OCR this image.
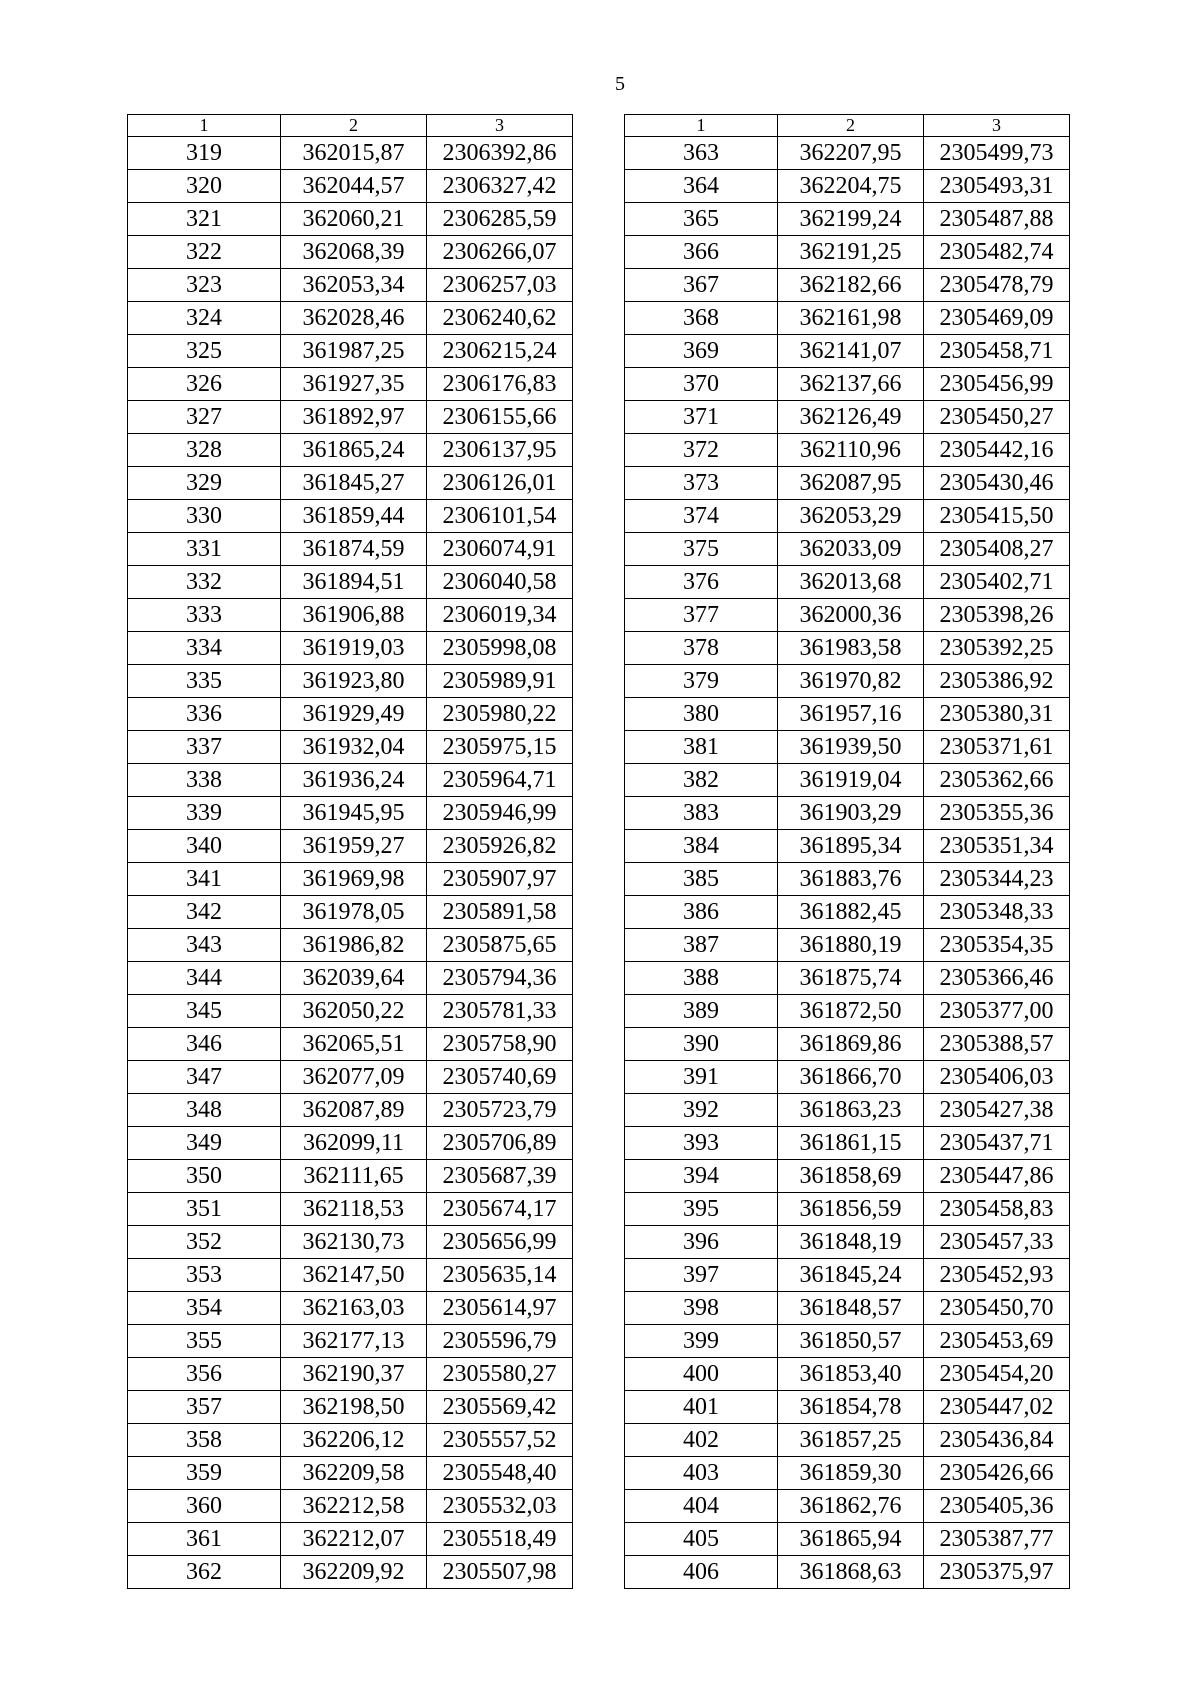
5
1	2	3
319	362015,87	2306392,86
320	362044,57	2306327,42
321	362060,21	2306285,59
322	362068,39	2306266,07
323	362053,34	2306257,03
324	362028,46	2306240,62
325	361987,25	2306215,24
326	361927,35	2306176,83
327	361892,97	2306155,66
328	361865,24	2306137,95
329	361845,27	2306126,01
330	361859,44	2306101,54
331	361874,59	2306074,91
332	361894,51	2306040,58
333	361906,88	2306019,34
334	361919,03	2305998,08
335	361923,80	2305989,91
336	361929,49	2305980,22
337	361932,04	2305975,15
338	361936,24	2305964,71
339	361945,95	2305946,99
340	361959,27	2305926,82
341	361969,98	2305907,97
342	361978,05	2305891,58
343	361986,82	2305875,65
344	362039,64	2305794,36
345	362050,22	2305781,33
346	362065,51	2305758,90
347	362077,09	2305740,69
348	362087,89	2305723,79
349	362099,11	2305706,89
350	362111,65	2305687,39
351	362118,53	2305674,17
352	362130,73	2305656,99
353	362147,50	2305635,14
354	362163,03	2305614,97
355	362177,13	2305596,79
356	362190,37	2305580,27
357	362198,50	2305569,42
358	362206,12	2305557,52
359	362209,58	2305548,40
360	362212,58	2305532,03
361	362212,07	2305518,49
362	362209,92	2305507,98
1	2	3
363	362207,95	2305499,73
364	362204,75	2305493,31
365	362199,24	2305487,88
366	362191,25	2305482,74
367	362182,66	2305478,79
368	362161,98	2305469,09
369	362141,07	2305458,71
370	362137,66	2305456,99
371	362126,49	2305450,27
372	362110,96	2305442,16
373	362087,95	2305430,46
374	362053,29	2305415,50
375	362033,09	2305408,27
376	362013,68	2305402,71
377	362000,36	2305398,26
378	361983,58	2305392,25
379	361970,82	2305386,92
380	361957,16	2305380,31
381	361939,50	2305371,61
382	361919,04	2305362,66
383	361903,29	2305355,36
384	361895,34	2305351,34
385	361883,76	2305344,23
386	361882,45	2305348,33
387	361880,19	2305354,35
388	361875,74	2305366,46
389	361872,50	2305377,00
390	361869,86	2305388,57
391	361866,70	2305406,03
392	361863,23	2305427,38
393	361861,15	2305437,71
394	361858,69	2305447,86
395	361856,59	2305458,83
396	361848,19	2305457,33
397	361845,24	2305452,93
398	361848,57	2305450,70
399	361850,57	2305453,69
400	361853,40	2305454,20
401	361854,78	2305447,02
402	361857,25	2305436,84
403	361859,30	2305426,66
404	361862,76	2305405,36
405	361865,94	2305387,77
406	361868,63	2305375,97
